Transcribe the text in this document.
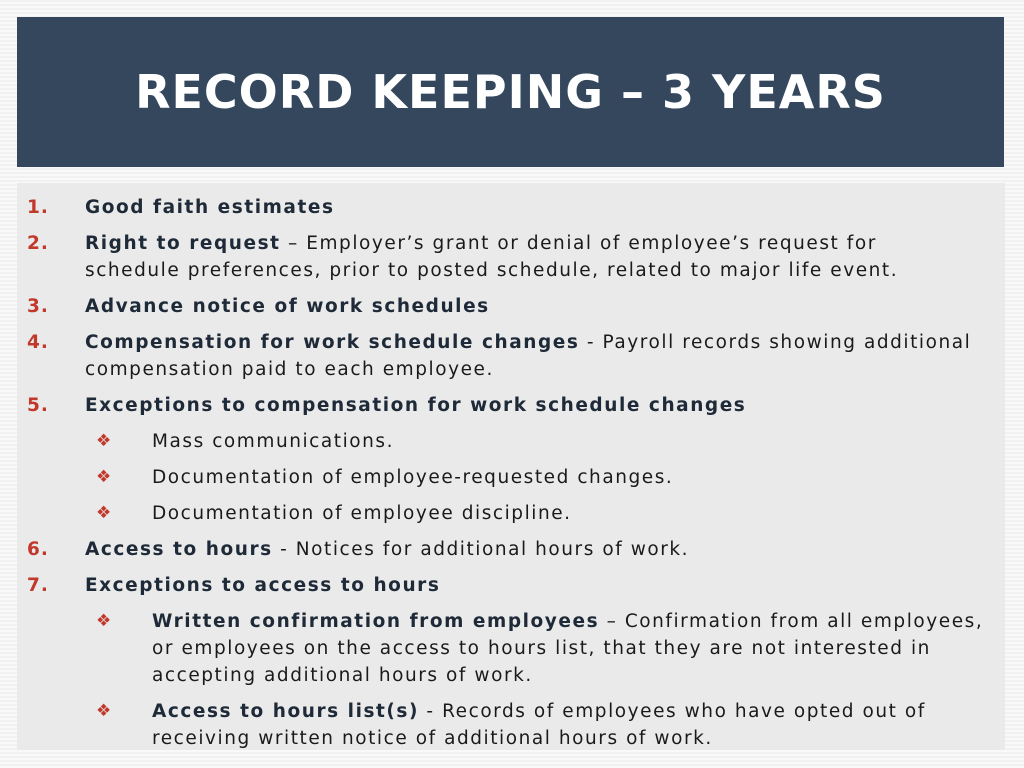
RECORD KEEPING – 3 YEARS
1. Good faith estimates
2. Right to request – Employer’s grant or denial of employee’s request for
schedule preferences, prior to posted schedule, related to major life event.
3. Advance notice of work schedules
4. Compensation for work schedule changes - Payroll records showing additional
compensation paid to each employee.
5. Exceptions to compensation for work schedule changes
❖ Mass communications.
❖ Documentation of employee-requested changes.
❖ Documentation of employee discipline.
6. Access to hours - Notices for additional hours of work.
7. Exceptions to access to hours
❖ Written confirmation from employees – Confirmation from all employees,
or employees on the access to hours list, that they are not interested in
accepting additional hours of work.
❖ Access to hours list(s) - Records of employees who have opted out of
receiving written notice of additional hours of work.
